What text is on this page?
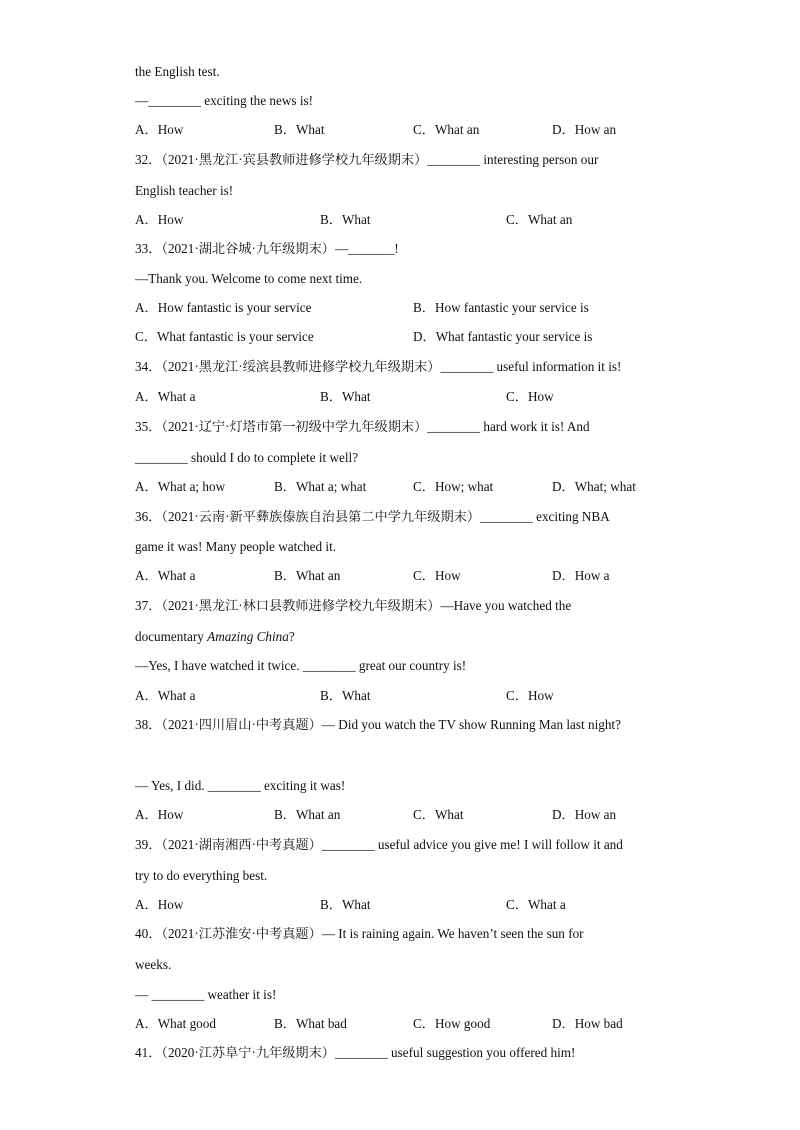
the English test.
—________ exciting the news is!
A．How	B．What	C．What an	D．How an
32．（2021·黑龙江·宾县教师进修学校九年级期末）________ interesting person our
English teacher is!
A．How	B．What	C．What an
33．（2021·湖北谷城·九年级期末）—_______!
—Thank you. Welcome to come next time.
A．How fantastic is your service	B．How fantastic your service is
C．What fantastic is your service	D．What fantastic your service is
34．（2021·黑龙江·绥滨县教师进修学校九年级期末）________ useful information it is!
A．What a	B．What	C．How
35．（2021·辽宁·灯塔市第一初级中学九年级期末）________ hard work it is! And
________ should I do to complete it well?
A．What a; how	B．What a; what	C．How; what	D．What; what
36．（2021·云南·新平彝族傣族自治县第二中学九年级期末）________ exciting NBA
game it was! Many people watched it.
A．What a	B．What an	C．How	D．How a
37．（2021·黑龙江·林口县教师进修学校九年级期末）—Have you watched the
documentary Amazing China?
—Yes, I have watched it twice. ________ great our country is!
A．What a	B．What	C．How
38．（2021·四川眉山·中考真题）— Did you watch the TV show Running Man last night?
— Yes, I did. ________ exciting it was!
A．How	B．What an	C．What	D．How an
39．（2021·湖南湘西·中考真题）________ useful advice you give me! I will follow it and
try to do everything best.
A．How	B．What	C．What a
40．（2021·江苏淮安·中考真题）— It is raining again. We haven’t seen the sun for
weeks.
— ________ weather it is!
A．What good	B．What bad	C．How good	D．How bad
41．（2020·江苏阜宁·九年级期末）________ useful suggestion you offered him!
